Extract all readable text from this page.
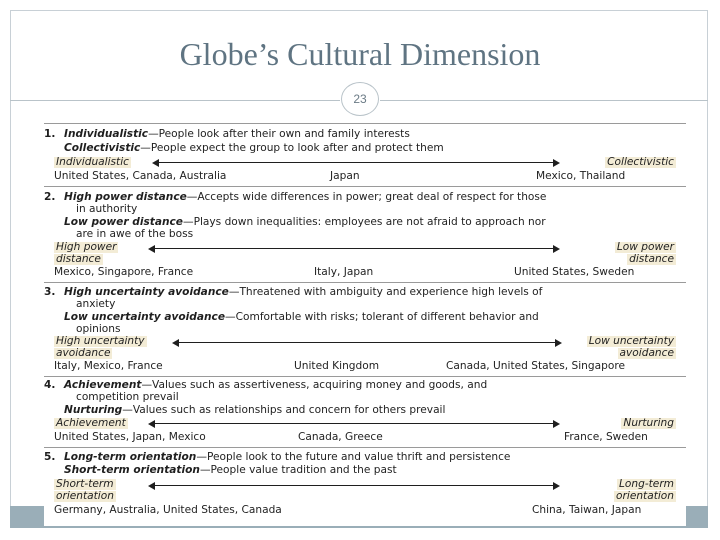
Globe’s Cultural Dimension
23
1. Individualistic—People look after their own and family interests
Collectivistic—People expect the group to look after and protect them
Individualistic	Collectivistic
United States, Canada, Australia	Japan	Mexico, Thailand
2. High power distance—Accepts wide differences in power; great deal of respect for those
in authority
Low power distance—Plays down inequalities: employees are not afraid to approach nor
are in awe of the boss
High power
distance
Low power
distance
Mexico, Singapore, France	Italy, Japan	United States, Sweden
3. High uncertainty avoidance—Threatened with ambiguity and experience high levels of
anxiety
Low uncertainty avoidance—Comfortable with risks; tolerant of different behavior and
opinions
High uncertainty
avoidance
Low uncertainty
avoidance
Italy, Mexico, France	United Kingdom	Canada, United States, Singapore
4. Achievement—Values such as assertiveness, acquiring money and goods, and
competition prevail
Nurturing—Values such as relationships and concern for others prevail
Achievement	Nurturing
United States, Japan, Mexico	Canada, Greece	France, Sweden
5. Long-term orientation—People look to the future and value thrift and persistence
Short-term orientation—People value tradition and the past
Short-term
orientation
Long-term
orientation
Germany, Australia, United States, Canada	China, Taiwan, Japan
